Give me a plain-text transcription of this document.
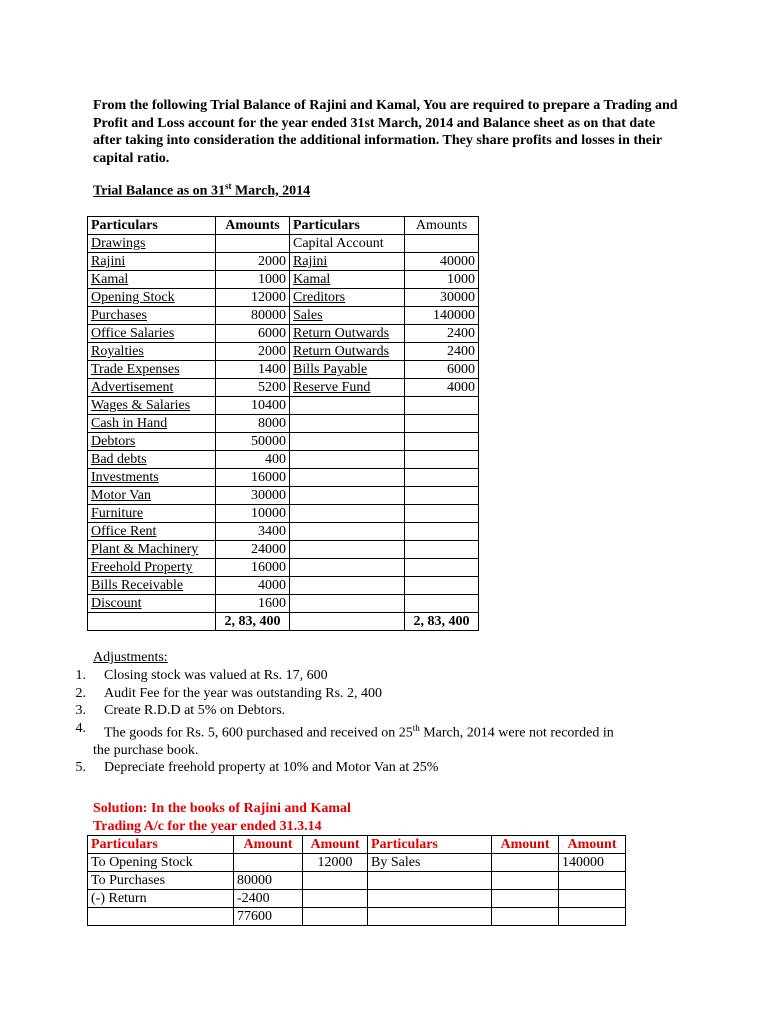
From the following Trial Balance of Rajini and Kamal, You are required to prepare a Trading and Profit and Loss account for the year ended 31st March, 2014 and Balance sheet as on that date after taking into consideration the additional information. They share profits and losses in their capital ratio.

Trial Balance as on 31st March, 2014

Particulars	Amounts	Particulars	Amounts
Drawings		Capital Account	
Rajini	2000	Rajini	40000
Kamal	1000	Kamal	1000
Opening Stock	12000	Creditors	30000
Purchases	80000	Sales	140000
Office Salaries	6000	Return Outwards	2400
Royalties	2000	Return Outwards	2400
Trade Expenses	1400	Bills Payable	6000
Advertisement	5200	Reserve Fund	4000
Wages & Salaries	10400		
Cash in Hand	8000		
Debtors	50000		
Bad debts	400		
Investments	16000		
Motor Van	30000		
Furniture	10000		
Office Rent	3400		
Plant & Machinery	24000		
Freehold Property	16000		
Bills Receivable	4000		
Discount	1600		
	2, 83, 400		2, 83, 400

Adjustments:

1. Closing stock was valued at Rs. 17, 600
2. Audit Fee for the year was outstanding Rs. 2, 400
3. Create R.D.D at 5% on Debtors.
4. The goods for Rs. 5, 600 purchased and received on 25th March, 2014 were not recorded in
the purchase book.
5. Depreciate freehold property at 10% and Motor Van at 25%
Solution: In the books of Rajini and Kamal
Trading A/c for the year ended 31.3.14
Particulars	Amount	Amount	Particulars	Amount	Amount
To Opening Stock		12000	By Sales		140000
To Purchases	80000				
(-) Return	-2400				
	77600				
